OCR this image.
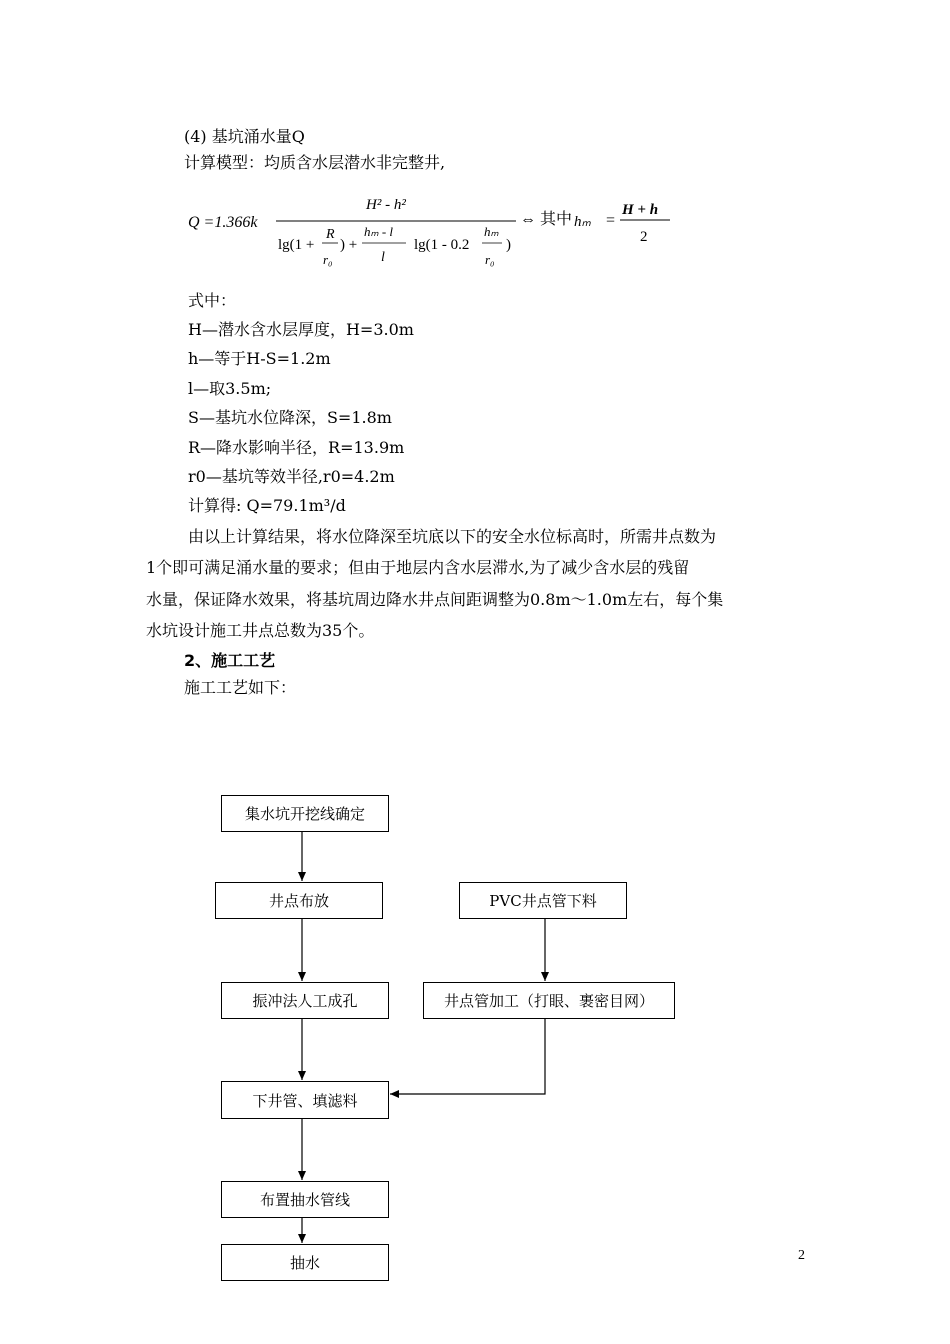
(4) 基坑涌水量Q
计算模型：均质含水层潜水非完整井,
Q =1.366k
H² - h²
lg(1 +
R
r₀
) +
hₘ - l
l
lg(1 - 0.2
hₘ
r₀
)
⇔ 其中 hₘ =
H + h
2
式中：
H—潜水含水层厚度，H=3.0m
h—等于H-S=1.2m
l—取3.5m;
S—基坑水位降深，S=1.8m
R—降水影响半径，R=13.9m
r0—基坑等效半径,r0=4.2m
计算得: Q=79.1m³/d
由以上计算结果，将水位降深至坑底以下的安全水位标高时，所需井点数为
1个即可满足涌水量的要求；但由于地层内含水层滞水,为了减少含水层的残留
水量，保证降水效果，将基坑周边降水井点间距调整为0.8m～1.0m左右，每个集
水坑设计施工井点总数为35个。
2、施工工艺
施工工艺如下：
集水坑开挖线确定
井点布放	PVC井点管下料
振冲法人工成孔	井点管加工（打眼、裹密目网）
下井管、填滤料
布置抽水管线
抽水	2
